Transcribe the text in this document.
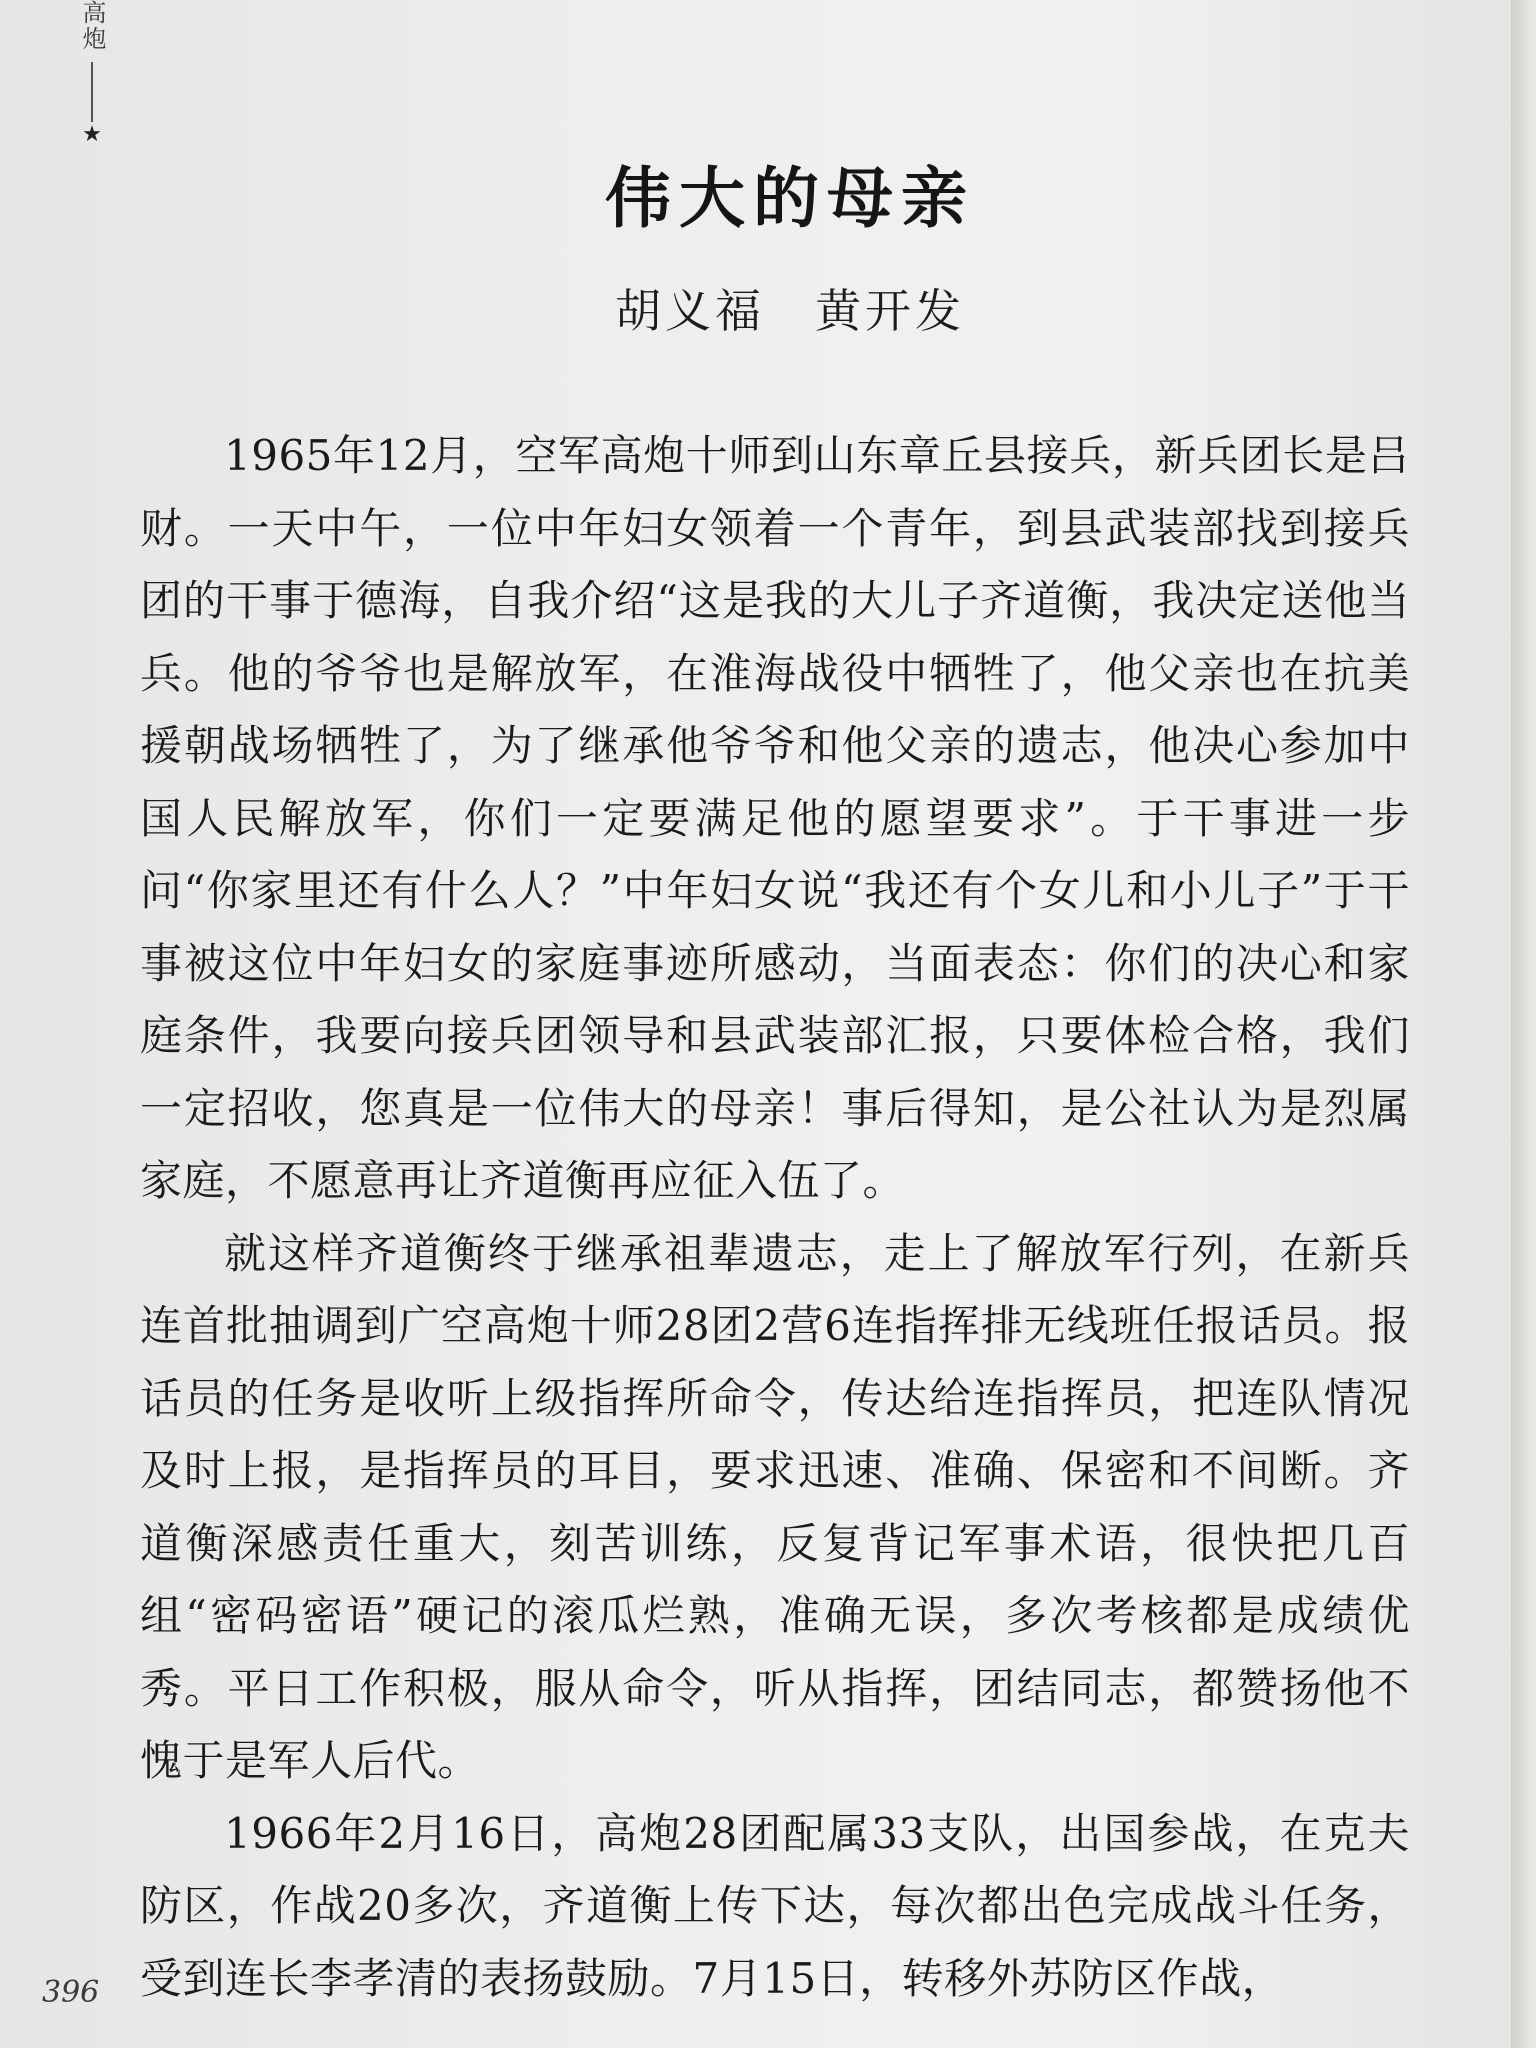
高炮
★
伟大的母亲
胡义福 黄开发

1965年12月，空军高炮十师到山东章丘县接兵，新兵团长是吕 财。一天中午，一位中年妇女领着一个青年，到县武装部找到接兵团的干事于德海，自我介绍“这是我的大儿子齐道衡，我决定送他当兵。他的爷爷也是解放军，在淮海战役中牺牲了，他父亲也在抗美援朝战场牺牲了，为了继承他爷爷和他父亲的遗志，他决心参加中国人民解放军，你们一定要满足他的愿望要求”。于干事进一步问“你家里还有什么人？”中年妇女说“我还有个女儿和小儿子”于干事被这位中年妇女的家庭事迹所感动，当面表态：你们的决心和家庭条件，我要向接兵团领导和县武装部汇报，只要体检合格，我们一定招收，您真是一位伟大的母亲！事后得知，是公社认为是烈属家庭，不愿意再让齐道衡再应征入伍了。

就这样齐道衡终于继承祖辈遗志，走上了解放军行列，在新兵连首批抽调到广空高炮十师28团2营6连指挥排无线班任报话员。报话员的任务是收听上级指挥所命令，传达给连指挥员，把连队情况及时上报，是指挥员的耳目，要求迅速、准确、保密和不间断。齐道衡深感责任重大，刻苦训练，反复背记军事术语，很快把几百组“密码密语”硬记的滚瓜烂熟，准确无误，多次考核都是成绩优秀。平日工作积极，服从命令，听从指挥，团结同志，都赞扬他不愧于是军人后代。

1966年2月16日，高炮28团配属33支队，出国参战，在克夫防区，作战20多次，齐道衡上传下达，每次都出色完成战斗任务，受到连长李孝清的表扬鼓励。7月15日，转移外苏防区作战，

396
